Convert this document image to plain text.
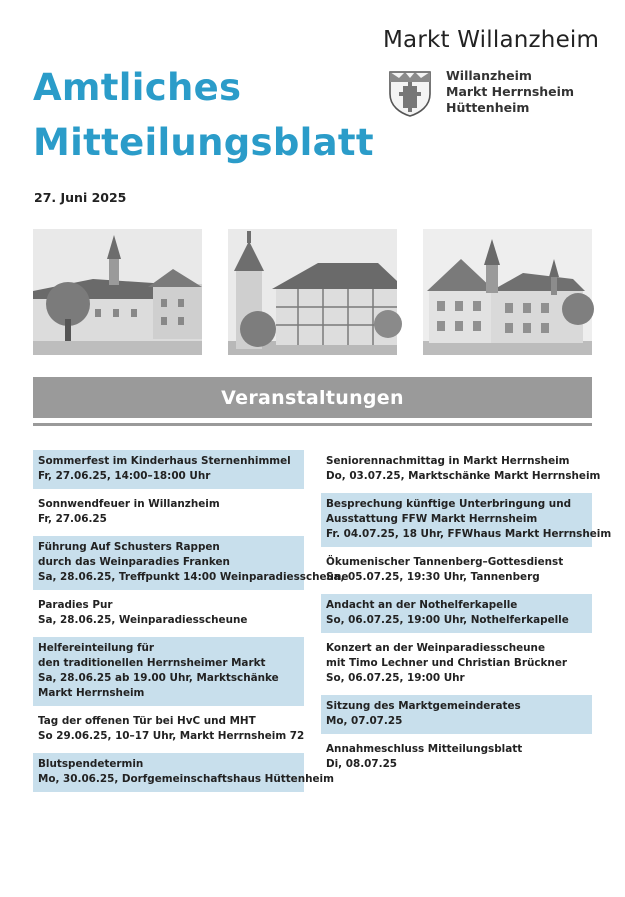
Markt Willanzheim
Willanzheim
Markt Herrnsheim
Hüttenheim
Amtliches
Mitteilungsblatt
27. Juni 2025
Veranstaltungen
Sommerfest im Kinderhaus Sternenhimmel
Fr, 27.06.25, 14:00–18:00 Uhr
Sonnwendfeuer in Willanzheim
Fr, 27.06.25
Führung Auf Schusters Rappen
durch das Weinparadies Franken
Sa, 28.06.25, Treffpunkt 14:00 Weinparadiesscheune
Paradies Pur
Sa, 28.06.25, Weinparadiesscheune
Helfereinteilung für
den traditionellen Herrnsheimer Markt
Sa, 28.06.25 ab 19.00 Uhr, Marktschänke
Markt Herrnsheim
Tag der offenen Tür bei HvC und MHT
So 29.06.25, 10–17 Uhr, Markt Herrnsheim 72
Blutspendetermin
Mo, 30.06.25, Dorfgemeinschaftshaus Hüttenheim
Seniorennachmittag in Markt Herrnsheim
Do, 03.07.25, Marktschänke Markt Herrnsheim
Besprechung künftige Unterbringung und
Ausstattung FFW Markt Herrnsheim
Fr. 04.07.25, 18 Uhr, FFWhaus Markt Herrnsheim
Ökumenischer Tannenberg–Gottesdienst
Sa, 05.07.25, 19:30 Uhr, Tannenberg
Andacht an der Nothelferkapelle
So, 06.07.25, 19:00 Uhr, Nothelferkapelle
Konzert an der Weinparadiesscheune
mit Timo Lechner und Christian Brückner
So, 06.07.25, 19:00 Uhr
Sitzung des Marktgemeinderates
Mo, 07.07.25
Annahmeschluss Mitteilungsblatt
Di, 08.07.25
